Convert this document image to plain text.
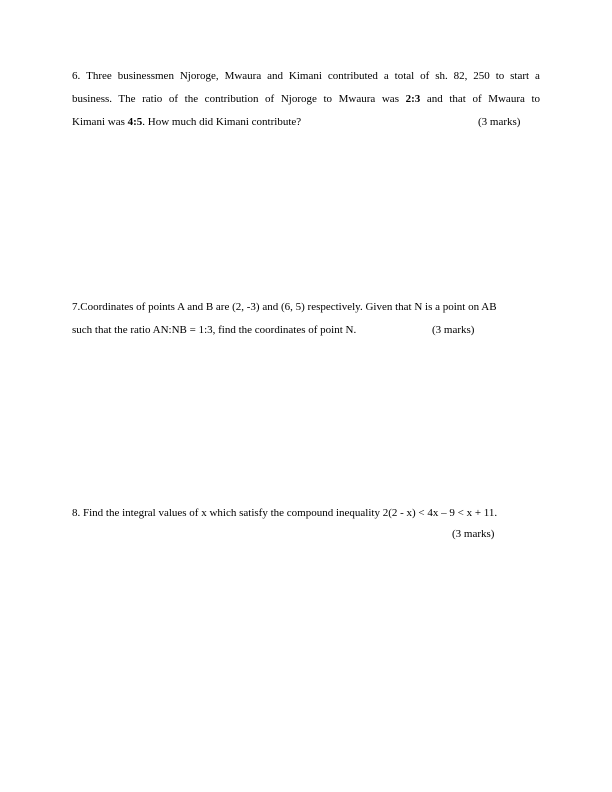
6. Three businessmen Njoroge, Mwaura and Kimani contributed a total of sh. 82, 250 to start a
business. The ratio of the contribution of Njoroge to Mwaura was 2:3 and that of Mwaura to
Kimani was 4:5. How much did Kimani contribute?	(3 marks)
7.Coordinates of points A and B are (2, -3) and (6, 5) respectively. Given that N is a point on AB
such that the ratio AN:NB = 1:3, find the coordinates of point N.	(3 marks)
8. Find the integral values of x which satisfy the compound inequality 2(2 - x) < 4x – 9 < x + 11.
(3 marks)
